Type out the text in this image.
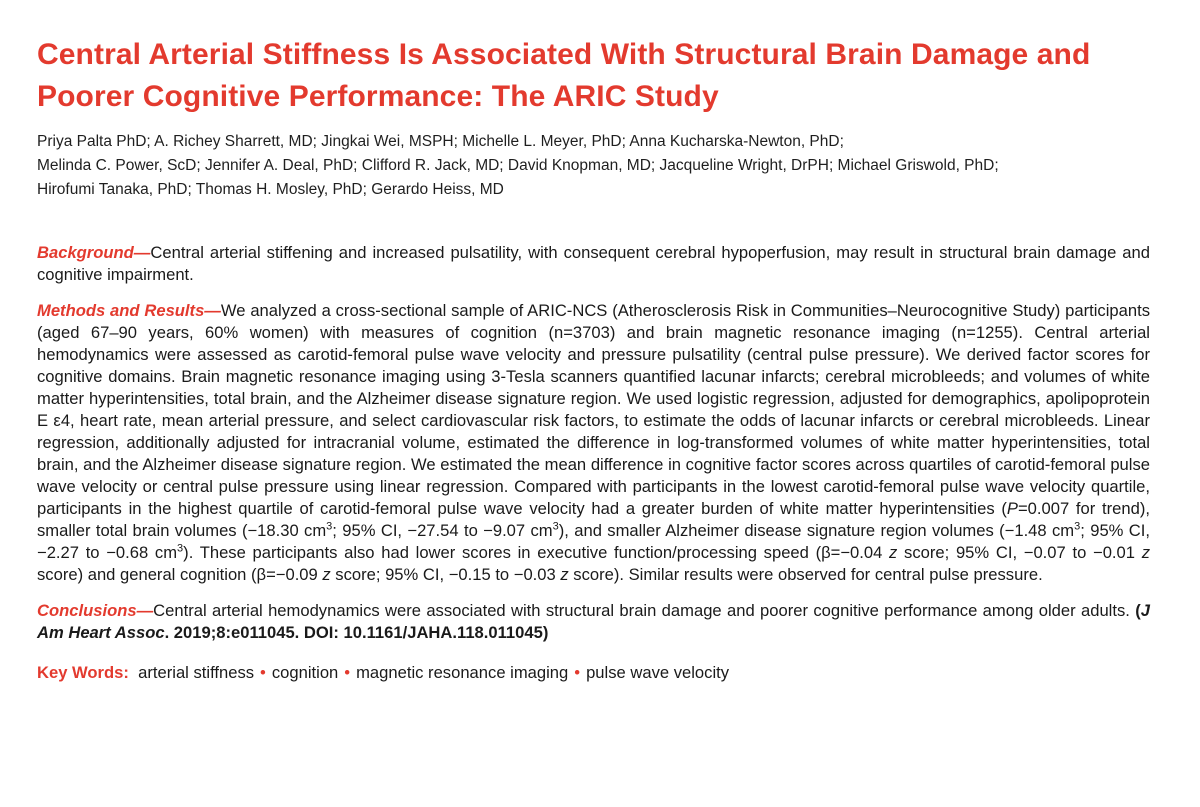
Central Arterial Stiffness Is Associated With Structural Brain Damage and Poorer Cognitive Performance: The ARIC Study
Priya Palta PhD; A. Richey Sharrett, MD; Jingkai Wei, MSPH; Michelle L. Meyer, PhD; Anna Kucharska-Newton, PhD;
Melinda C. Power, ScD; Jennifer A. Deal, PhD; Clifford R. Jack, MD; David Knopman, MD; Jacqueline Wright, DrPH; Michael Griswold, PhD;
Hirofumi Tanaka, PhD; Thomas H. Mosley, PhD; Gerardo Heiss, MD

Background—Central arterial stiffening and increased pulsatility, with consequent cerebral hypoperfusion, may result in structural brain damage and cognitive impairment.

Methods and Results—We analyzed a cross-sectional sample of ARIC-NCS (Atherosclerosis Risk in Communities–Neurocognitive Study) participants (aged 67–90 years, 60% women) with measures of cognition (n=3703) and brain magnetic resonance imaging (n=1255). Central arterial hemodynamics were assessed as carotid-femoral pulse wave velocity and pressure pulsatility (central pulse pressure). We derived factor scores for cognitive domains. Brain magnetic resonance imaging using 3-Tesla scanners quantified lacunar infarcts; cerebral microbleeds; and volumes of white matter hyperintensities, total brain, and the Alzheimer disease signature region. We used logistic regression, adjusted for demographics, apolipoprotein E ε4, heart rate, mean arterial pressure, and select cardiovascular risk factors, to estimate the odds of lacunar infarcts or cerebral microbleeds. Linear regression, additionally adjusted for intracranial volume, estimated the difference in log-transformed volumes of white matter hyperintensities, total brain, and the Alzheimer disease signature region. We estimated the mean difference in cognitive factor scores across quartiles of carotid-femoral pulse wave velocity or central pulse pressure using linear regression. Compared with participants in the lowest carotid-femoral pulse wave velocity quartile, participants in the highest quartile of carotid-femoral pulse wave velocity had a greater burden of white matter hyperintensities (P=0.007 for trend), smaller total brain volumes (−18.30 $cm^3$; 95% CI, −27.54 to −9.07 $cm^3$), and smaller Alzheimer disease signature region volumes (−1.48 $cm^3$; 95% CI, −2.27 to −0.68 $cm^3$). These participants also had lower scores in executive function/processing speed (β=−0.04 z score; 95% CI, −0.07 to −0.01 z score) and general cognition (β=−0.09 z score; 95% CI, −0.15 to −0.03 z score). Similar results were observed for central pulse pressure.

Conclusions—Central arterial hemodynamics were associated with structural brain damage and poorer cognitive performance among older adults. (J Am Heart Assoc. 2019;8:e011045. DOI: 10.1161/JAHA.118.011045)

Key Words: arterial stiffness • cognition • magnetic resonance imaging • pulse wave velocity
